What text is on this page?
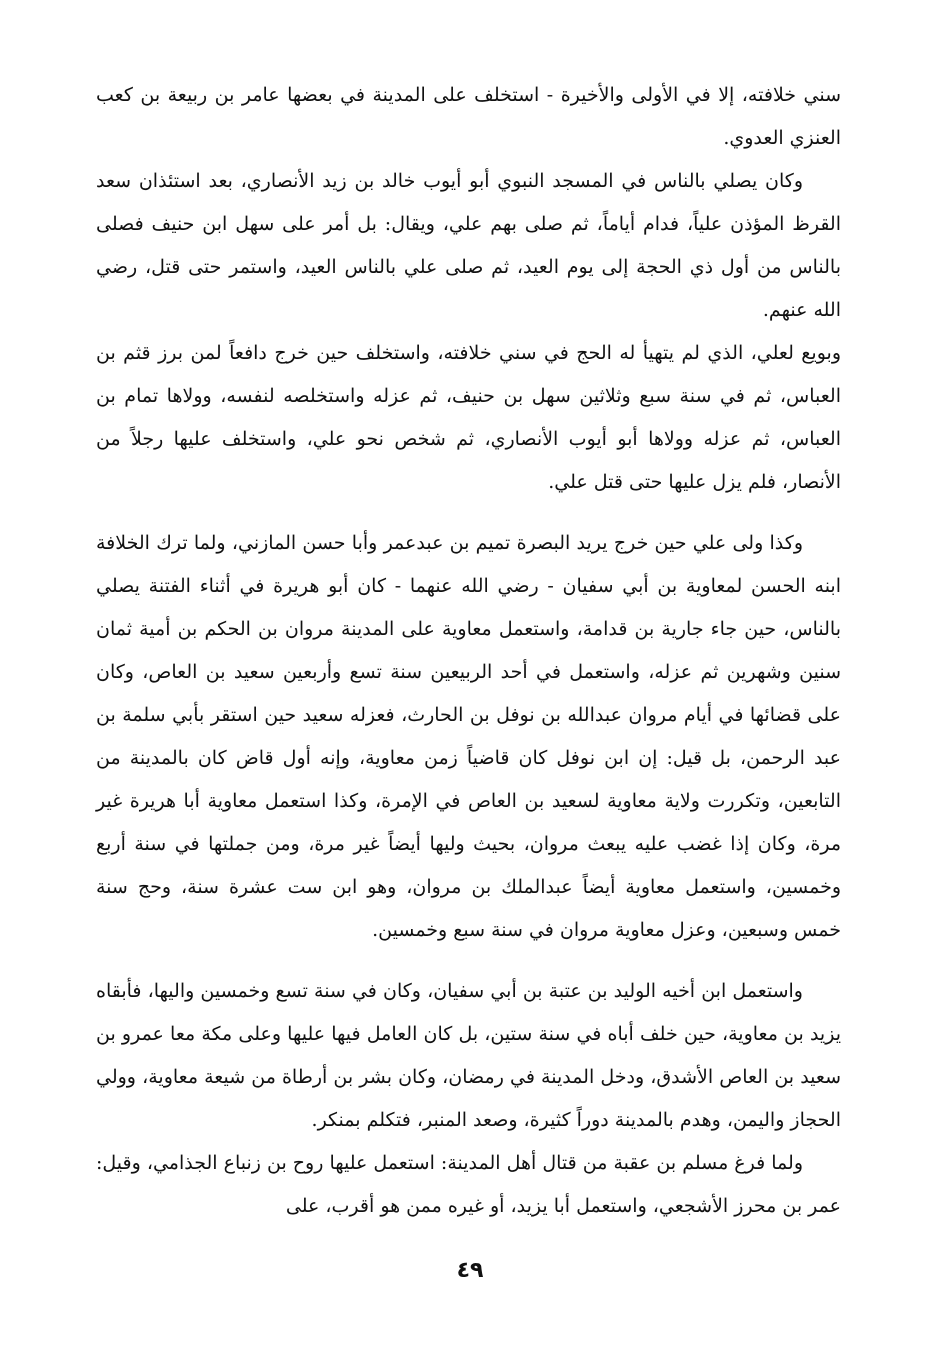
سني خلافته، إلا في الأولى والأخيرة - استخلف على المدينة في بعضها عامر بن ربيعة بن كعب العنزي العدوي.

وكان يصلي بالناس في المسجد النبوي أبو أيوب خالد بن زيد الأنصاري، بعد استئذان سعد القرظ المؤذن علياً، فدام أياماً، ثم صلى بهم علي، ويقال: بل أمر على سهل ابن حنيف فصلى بالناس من أول ذي الحجة إلى يوم العيد، ثم صلى علي بالناس العيد، واستمر حتى قتل، رضي الله عنهم.

وبويع لعلي، الذي لم يتهيأ له الحج في سني خلافته، واستخلف حين خرج دافعاً لمن برز قثم بن العباس، ثم في سنة سبع وثلاثين سهل بن حنيف، ثم عزله واستخلصه لنفسه، وولاها تمام بن العباس، ثم عزله وولاها أبو أيوب الأنصاري، ثم شخص نحو علي، واستخلف عليها رجلاً من الأنصار، فلم يزل عليها حتى قتل علي.

وكذا ولى علي حين خرج يريد البصرة تميم بن عبدعمر وأبا حسن المازني، ولما ترك الخلافة ابنه الحسن لمعاوية بن أبي سفيان - رضي الله عنهما - كان أبو هريرة في أثناء الفتنة يصلي بالناس، حين جاء جارية بن قدامة، واستعمل معاوية على المدينة مروان بن الحكم بن أمية ثمان سنين وشهرين ثم عزله، واستعمل في أحد الربيعين سنة تسع وأربعين سعيد بن العاص، وكان على قضائها في أيام مروان عبدالله بن نوفل بن الحارث، فعزله سعيد حين استقر بأبي سلمة بن عبد الرحمن، بل قيل: إن ابن نوفل كان قاضياً زمن معاوية، وإنه أول قاض كان بالمدينة من التابعين، وتكررت ولاية معاوية لسعيد بن العاص في الإمرة، وكذا استعمل معاوية أبا هريرة غير مرة، وكان إذا غضب عليه يبعث مروان، بحيث وليها أيضاً غير مرة، ومن جملتها في سنة أربع وخمسين، واستعمل معاوية أيضاً عبدالملك بن مروان، وهو ابن ست عشرة سنة، وحج سنة خمس وسبعين، وعزل معاوية مروان في سنة سبع وخمسين.

واستعمل ابن أخيه الوليد بن عتبة بن أبي سفيان، وكان في سنة تسع وخمسين واليها، فأبقاه يزيد بن معاوية، حين خلف أباه في سنة ستين، بل كان العامل فيها عليها وعلى مكة معا عمرو بن سعيد بن العاص الأشدق، ودخل المدينة في رمضان، وكان بشر بن أرطاة من شيعة معاوية، وولي الحجاز واليمن، وهدم بالمدينة دوراً كثيرة، وصعد المنبر، فتكلم بمنكر.

ولما فرغ مسلم بن عقبة من قتال أهل المدينة: استعمل عليها روح بن زنباع الجذامي، وقيل: عمر بن محرز الأشجعي، واستعمل أبا يزيد، أو غيره ممن هو أقرب، على

٤٩
